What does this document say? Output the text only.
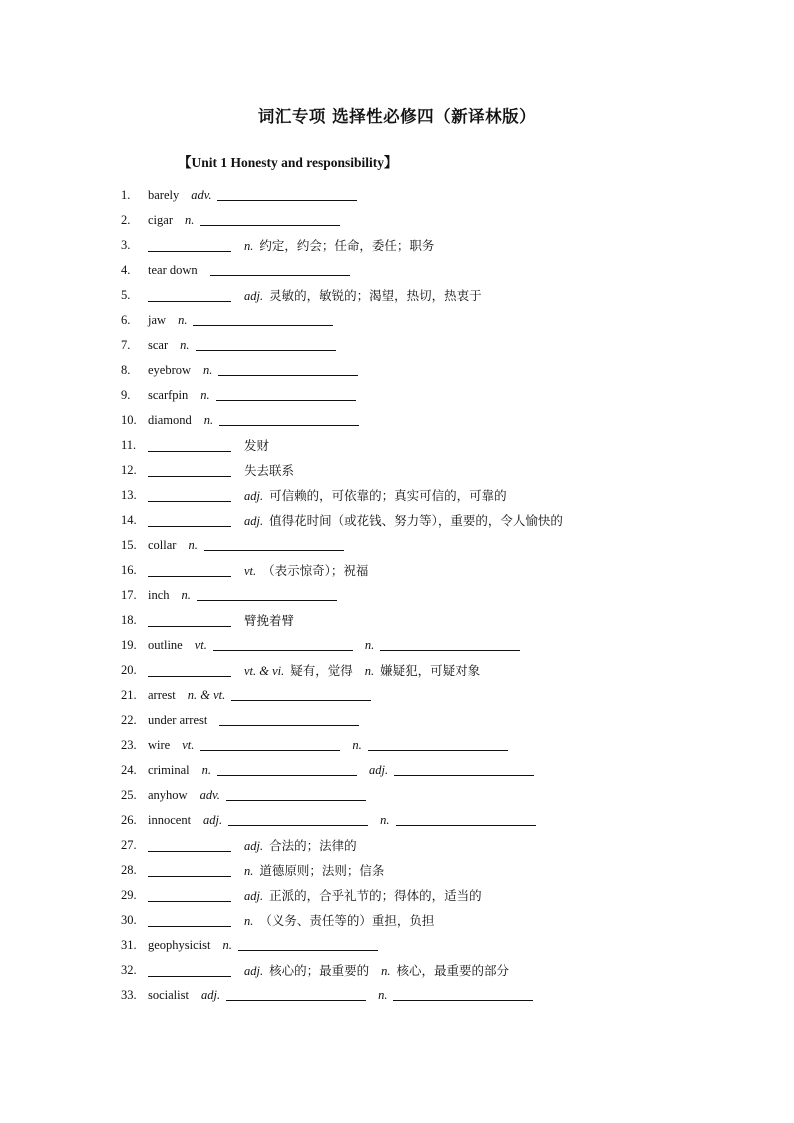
词汇专项 选择性必修四（新译林版）
【Unit 1 Honesty and responsibility】
1. barely adv.
2. cigar n.
3.	n. 约定，约会；任命，委任；职务
4. tear down
5.	adj. 灵敏的，敏锐的；渴望，热切，热衷于
6. jaw n.
7. scar n.
8. eyebrow n.
9. scarfpin n.
10. diamond n.
11.	发财
12.	失去联系
13.	adj. 可信赖的，可依靠的；真实可信的，可靠的
14.	adj. 值得花时间（或花钱、努力等），重要的，令人愉快的
15. collar n.
16.	vt. （表示惊奇）；祝福
17. inch n.
18.	臂挽着臂
19. outline vt.	n.
20.	vt. & vi. 疑有，觉得 n. 嫌疑犯，可疑对象
21. arrest n. & vt.
22. under arrest
23. wire vt.	n.
24. criminal n.	adj.
25. anyhow adv.
26. innocent adj.	n.
27.	adj. 合法的；法律的
28.	n. 道德原则；法则；信条
29.	adj. 正派的，合乎礼节的；得体的，适当的
30.	n. （义务、责任等的）重担，负担
31. geophysicist n.
32.	adj. 核心的；最重要的 n. 核心，最重要的部分
33. socialist adj.	n.
